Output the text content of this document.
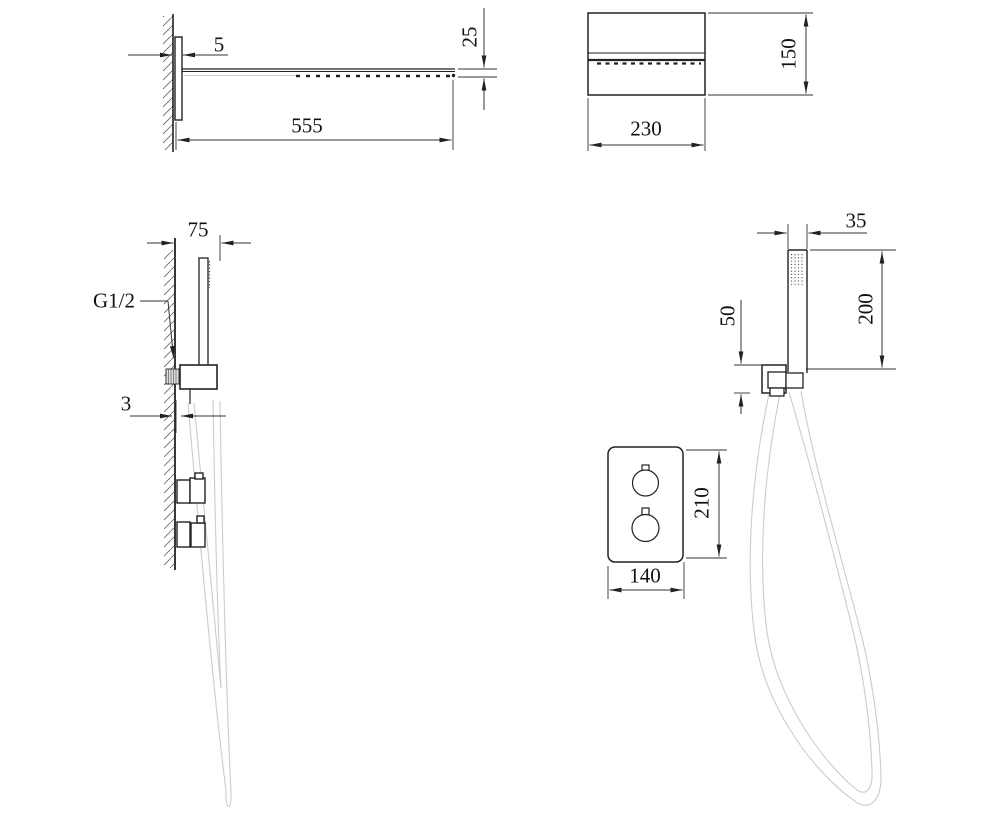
5	25
555
150
230
75
G1/2
3
35
200
50
210
140
